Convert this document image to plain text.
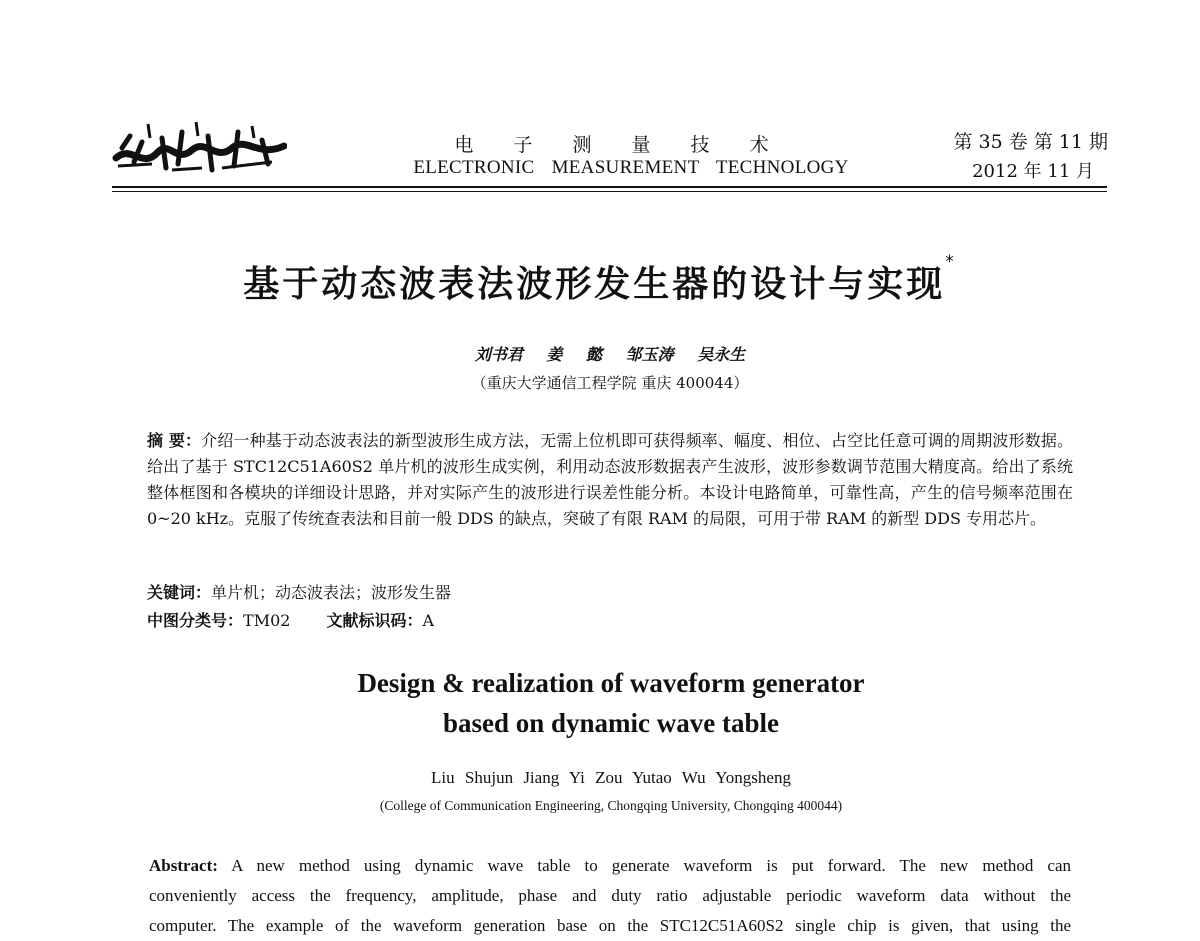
电 子 测 量 技 术
ELECTRONIC MEASUREMENT TECHNOLOGY
第 35 卷 第 11 期
2012 年 11 月
基于动态波表法波形发生器的设计与实现*
刘书君 姜 懿 邹玉涛 吴永生
（重庆大学通信工程学院 重庆 400044）
摘 要：介绍一种基于动态波表法的新型波形生成方法，无需上位机即可获得频率、幅度、相位、占空比任意可调的周期波形数据。给出了基于 STC12C51A60S2 单片机的波形生成实例，利用动态波形数据表产生波形，波形参数调节范围大精度高。给出了系统整体框图和各模块的详细设计思路，并对实际产生的波形进行误差性能分析。本设计电路简单，可靠性高，产生的信号频率范围在 0~20 kHz。克服了传统查表法和目前一般 DDS 的缺点，突破了有限 RAM 的局限，可用于带 RAM 的新型 DDS 专用芯片。
关键词：单片机；动态波表法；波形发生器
中图分类号：TM02 文献标识码：A
Design & realization of waveform generator
based on dynamic wave table
Liu Shujun Jiang Yi Zou Yutao Wu Yongsheng
(College of Communication Engineering, Chongqing University, Chongqing 400044)
Abstract: A new method using dynamic wave table to generate waveform is put forward. The new method can
conveniently access the frequency, amplitude, phase and duty ratio adjustable periodic waveform data without the
computer. The example of the waveform generation base on the STC12C51A60S2 single chip is given, that using the
